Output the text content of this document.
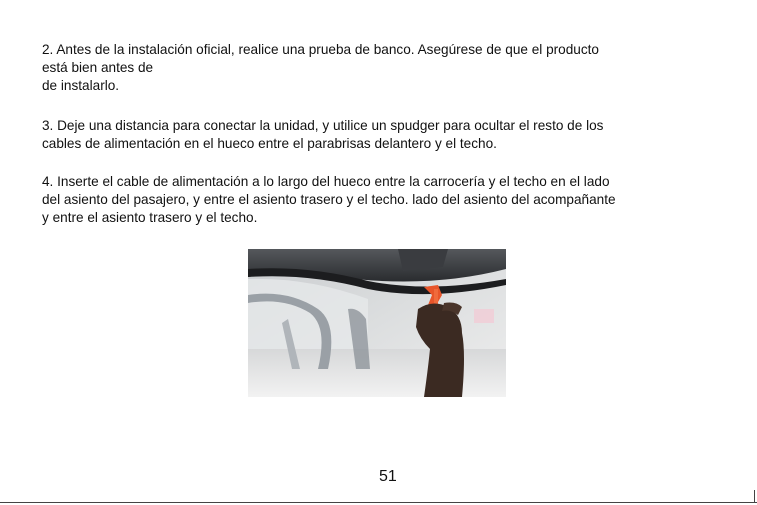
2. Antes de la instalación oficial, realice una prueba de banco. Asegúrese de que el producto
está bien antes de
de instalarlo.

3. Deje una distancia para conectar la unidad, y utilice un spudger para ocultar el resto de los
cables de alimentación en el hueco entre el parabrisas delantero y el techo.

4. Inserte el cable de alimentación a lo largo del hueco entre la carrocería y el techo en el lado
del asiento del pasajero, y entre el asiento trasero y el techo. lado del asiento del acompañante
y entre el asiento trasero y el techo.

51
